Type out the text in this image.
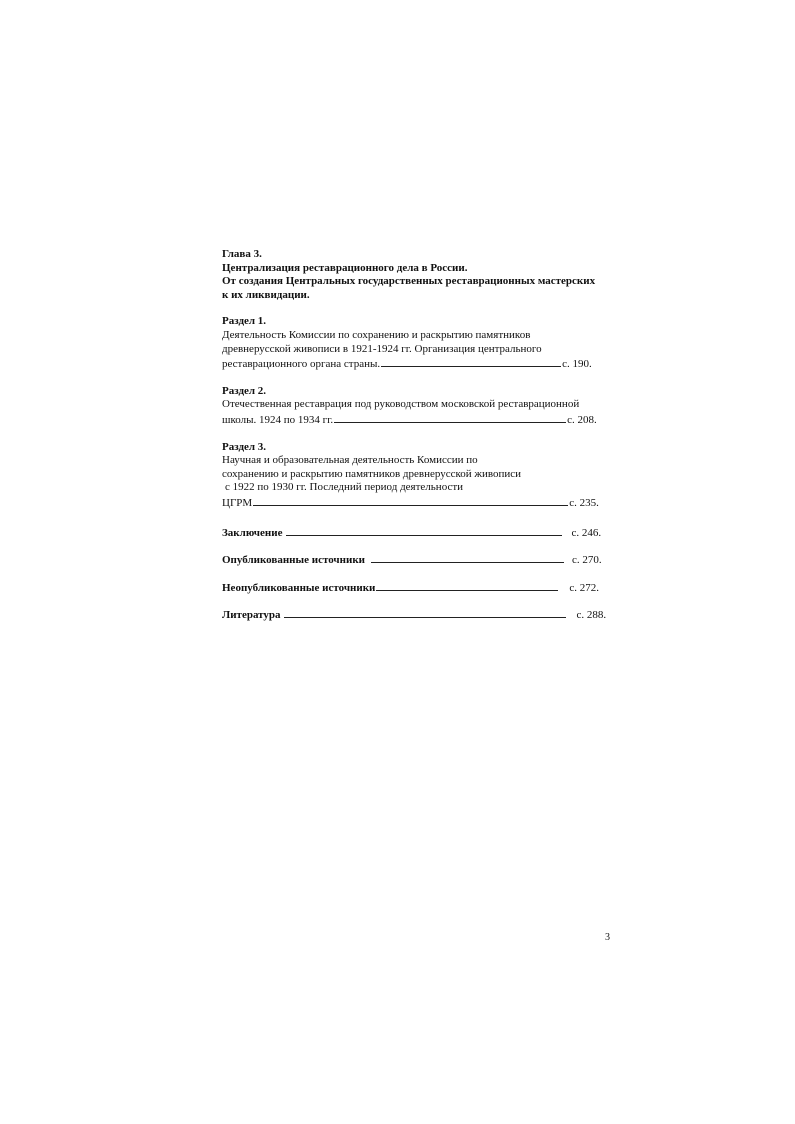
Глава 3.
Централизация реставрационного дела в России.
От создания Центральных государственных реставрационных мастерских
к их ликвидации.
Раздел 1.
Деятельность Комиссии по сохранению и раскрытию памятников
древнерусской живописи в 1921-1924 гг. Организация центрального
реставрационного органа страны.	с. 190.
Раздел 2.
Отечественная реставрация под руководством московской реставрационной
школы. 1924 по 1934 гг.	с. 208.
Раздел 3.
Научная и образовательная деятельность Комиссии по
сохранению и раскрытию памятников древнерусской живописи
с 1922 по 1930 гг. Последний период деятельности
ЦГРМ	с. 235.
Заключение	с. 246.
Опубликованные источники	с. 270.
Неопубликованные источники	с. 272.
Литература	с. 288.
3
